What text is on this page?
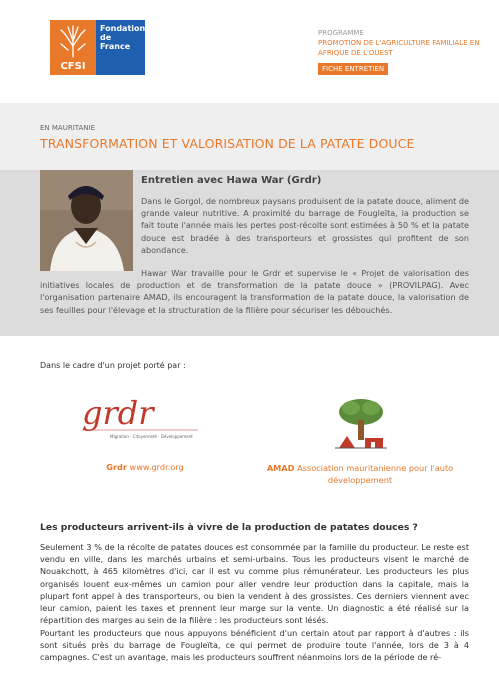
CFSI
Fondation
de
France
PROGRAMME
PROMOTION DE L'AGRICULTURE FAMILIALE EN AFRIQUE DE L'OUEST
FICHE ENTRETIEN
EN MAURITANIE
TRANSFORMATION ET VALORISATION DE LA PATATE DOUCE
Entretien avec Hawa War (Grdr)
Dans le Gorgol, de nombreux paysans produisent de la patate douce, aliment de grande valeur nutritive. A proximité du barrage de Fougleïta, la production se fait toute l'année mais les pertes post-récolte sont estimées à 50 % et la patate douce est bradée à des transporteurs et grossistes qui profitent de son abondance.
Hawar War travaille pour le Grdr et supervise le « Projet de valorisation des initiatives locales de production et de transformation de la patate douce » (PROVILPAG). Avec l'organisation partenaire AMAD, ils encouragent la transformation de la patate douce, la valorisation de ses feuilles pour l'élevage et la structuration de la filière pour sécuriser les débouchés.
Dans le cadre d'un projet porté par :
grdr
Migration · Citoyenneté · Développement
Grdr www.grdr.org	AMAD Association mauritanienne pour l'auto développement
Les producteurs arrivent-ils à vivre de la production de patates douces ?
Seulement 3 % de la récolte de patates douces est consommée par la famille du producteur. Le reste est vendu en ville, dans les marchés urbains et semi-urbains. Tous les producteurs visent le marché de Nouakchott, à 465 kilomètres d'ici, car il est vu comme plus rémunérateur. Les producteurs les plus organisés louent eux-mêmes un camion pour aller vendre leur production dans la capitale, mais la plupart font appel à des transporteurs, ou bien la vendent à des grossistes. Ces derniers viennent avec leur camion, paient les taxes et prennent leur marge sur la vente. Un diagnostic a été réalisé sur la répartition des marges au sein de la filière : les producteurs sont lésés.
Pourtant les producteurs que nous appuyons bénéficient d'un certain atout par rapport à d'autres : ils sont situés près du barrage de Fougleïta, ce qui permet de produire toute l'année, lors de 3 à 4 campagnes. C'est un avantage, mais les producteurs souffrent néanmoins lors de la période de ré-
